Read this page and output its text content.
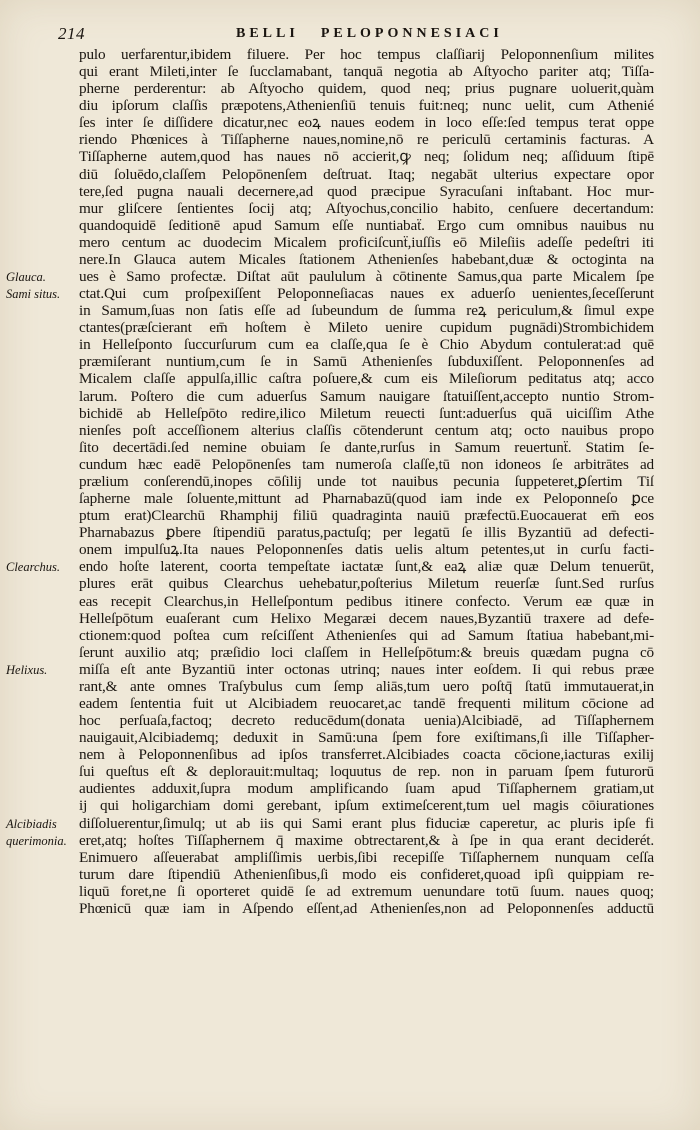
214	BELLI PELOPONNESIACI
Glauca.
Sami situs.
Clearchus.
Helixus.
Alcibiadis
querimonia.
pulo uerfarentur,ibidem filuere. Per hoc tempus claſſiarij Peloponnenſium milites
qui erant Mileti,inter ſe ſucclamabant, tanquā negotia ab Aſtyocho pariter atq; Tiſſa-
pherne perderentur: ab Aſtyocho quidem, quod neq; prius pugnare uoluerit,quàm
diu ipſorum claſſis præpotens,Athenienſiū tenuis fuit:neq; nunc uelit, cum Athenié
ſes inter ſe diſſidere dicatur,nec eoꝝ naues eodem in loco eſſe:ſed tempus terat oppe
riendo Phœnices à Tiſſapherne naues,nomine,nō re periculū certaminis facturas. A
Tiſſapherne autem,quod has naues nō accierit,ꝙ neq; ſolidum neq; aſſiduum ſtipē
diū ſoluēdo,claſſem Pelopōnenſem deſtruat. Itaq; negabāt ulterius expectare opor
tere,ſed pugna nauali decernere,ad quod præcipue Syracuſani inſtabant. Hoc mur-
mur gliſcere ſentientes ſocij atq; Aſtyochus,concilio habito, cenſuere decertandum:
quandoquidē ſeditionē apud Samum eſſe nuntiabaẗ. Ergo cum omnibus nauibus nu
mero centum ac duodecim Micalem proficiſcunẗ,iuſſis eō Mileſiis adeſſe pedeſtri iti
nere.In Glauca autem Micales ſtationem Athenienſes habebant,duæ & octoginta na
ues è Samo profectæ. Diſtat aūt paululum à cōtinente Samus,qua parte Micalem ſpe
ctat.Qui cum proſpexiſſent Peloponneſiacas naues ex aduerſo uenientes,ſeceſſerunt
in Samum,ſuas non ſatis eſſe ad ſubeundum de ſumma reꝝ periculum,& ſimul expe
ctantes(præſcierant em̄ hoſtem è Mileto uenire cupidum pugnādi)Strombichidem
in Helleſponto ſuccurſurum cum ea claſſe,qua ſe è Chio Abydum contulerat:ad quē
præmiſerant nuntium,cum ſe in Samū Athenienſes ſubduxiſſent. Peloponnenſes ad
Micalem claſſe appulſa,illic caſtra poſuere,& cum eis Mileſiorum peditatus atq; acco
larum. Poſtero die cum aduerſus Samum nauigare ſtatuiſſent,accepto nuntio Strom-
bichidē ab Helleſpōto redire,ilico Miletum reuecti ſunt:aduerſus quā uiciſſim Athe
nienſes poſt acceſſionem alterius claſſis cōtenderunt centum atq; octo nauibus propo
ſito decertādi.ſed nemine obuiam ſe dante,rurſus in Samum reuertunẗ. Statim ſe-
cundum hæc eadē Pelopōnenſes tam numeroſa claſſe,tū non idoneos ſe arbitrātes ad
prælium conſerendū,inopes cōſilij unde tot nauibus pecunia ſuppeteret,ꝑſertim Tiſ
ſapherne male ſoluente,mittunt ad Pharnabazū(quod iam inde ex Peloponneſo ꝑce
ptum erat)Clearchū Rhamphij filiū quadraginta nauiū præfectū.Euocauerat em̄ eos
Pharnabazus ꝑbere ſtipendiū paratus,pactuſq; per legatū ſe illis Byzantiū ad defecti-
onem impulſuꝝ.Ita naues Peloponnenſes datis uelis altum petentes,ut in curſu facti-
endo hoſte laterent, coorta tempeſtate iactatæ ſunt,& eaꝝ aliæ quæ Delum tenuerūt,
plures erāt quibus Clearchus uehebatur,poſterius Miletum reuerſæ ſunt.Sed rurſus
eas recepit Clearchus,in Helleſpontum pedibus itinere confecto. Verum eæ quæ in
Helleſpōtum euaſerant cum Helixo Megaræi decem naues,Byzantiū traxere ad defe-
ctionem:quod poſtea cum reſciſſent Athenienſes qui ad Samum ſtatiua habebant,mi-
ſerunt auxilio atq; præſidio loci claſſem in Helleſpōtum:& breuis quædam pugna cō
miſſa eſt ante Byzantiū inter octonas utrinq; naues inter eoſdem. Ii qui rebus præe
rant,& ante omnes Traſybulus cum ſemp aliās,tum uero poſtq̄ ſtatū immutauerat,in
eadem ſententia fuit ut Alcibiadem reuocaret,ac tandē frequenti militum cōcione ad
hoc perſuaſa,factoq; decreto reducēdum(donata uenia)Alcibiadē, ad Tiſſaphernem
nauigauit,Alcibiademq; deduxit in Samū:una ſpem fore exiſtimans,ſi ille Tiſſapher-
nem à Peloponnenſibus ad ipſos transferret.Alcibiades coacta cōcione,iacturas exilij
ſui queſtus eſt & deplorauit:multaq; loquutus de rep. non in paruam ſpem futurorū
audientes adduxit,ſupra modum amplificando ſuam apud Tiſſaphernem gratiam,ut
ij qui holigarchiam domi gerebant, ipſum extimeſcerent,tum uel magis cōiurationes
diſſoluerentur,ſimulq; ut ab iis qui Sami erant plus fiduciæ caperetur, ac pluris ipſe fi
eret,atq; hoſtes Tiſſaphernem q̄ maxime obtrectarent,& à ſpe in qua erant deciderét.
Enimuero aſſeuerabat ampliſſimis uerbis,ſibi recepiſſe Tiſſaphernem nunquam ceſſa
turum dare ſtipendiū Athenienſibus,ſi modo eis confideret,quoad ipſi quippiam re-
liquū foret,ne ſi oporteret quidē ſe ad extremum uenundare totū ſuum. naues quoq;
Phœnicū quæ iam in Aſpendo eſſent,ad Athenienſes,non ad Peloponnenſes adductū
